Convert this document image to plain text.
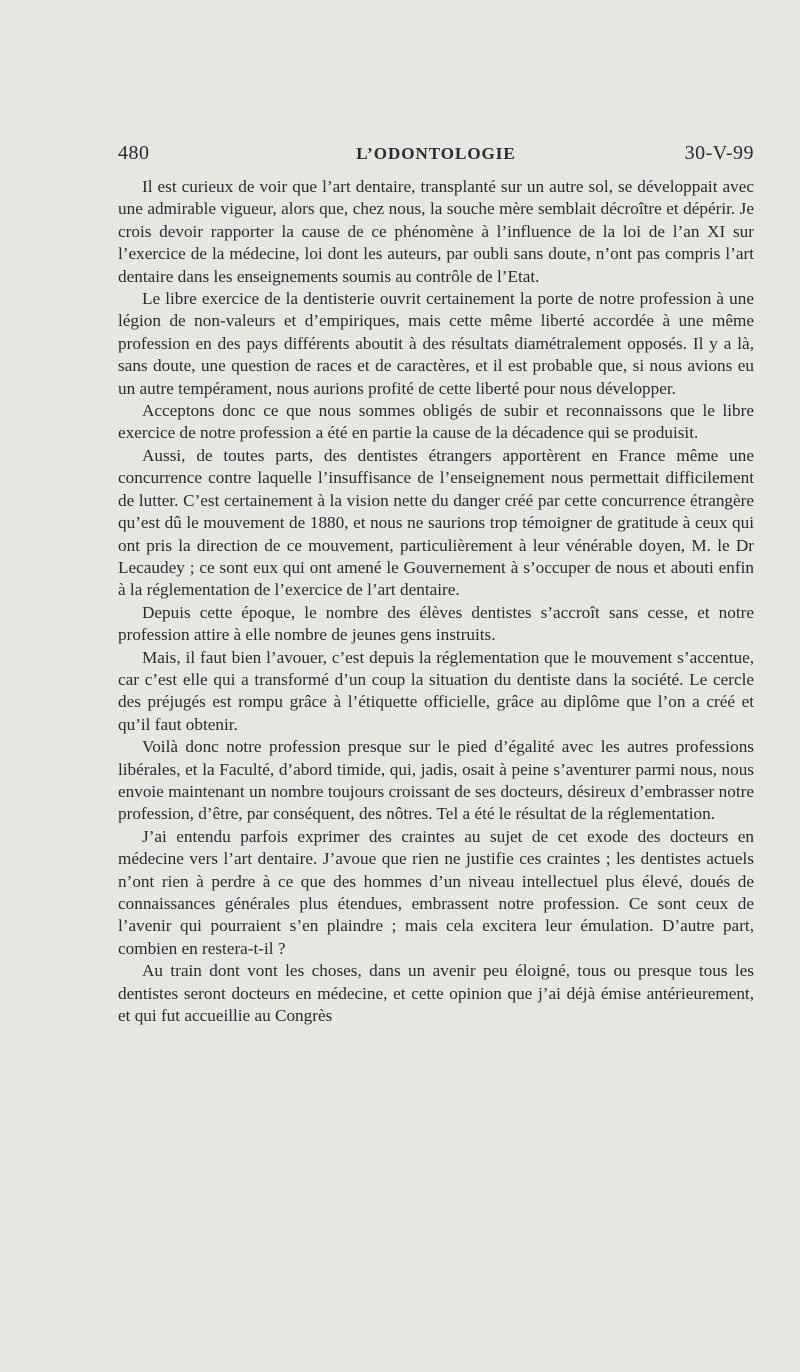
480	L’ODONTOLOGIE	30-V-99

Il est curieux de voir que l’art dentaire, transplanté sur un autre sol, se développait avec une admirable vigueur, alors que, chez nous, la souche mère semblait décroître et dépérir. Je crois devoir rapporter la cause de ce phénomène à l’influence de la loi de l’an XI sur l’exercice de la médecine, loi dont les auteurs, par oubli sans doute, n’ont pas compris l’art dentaire dans les enseignements soumis au contrôle de l’Etat.

Le libre exercice de la dentisterie ouvrit certainement la porte de notre profession à une légion de non-valeurs et d’empiriques, mais cette même liberté accordée à une même profession en des pays différents aboutit à des résultats diamétralement opposés. Il y a là, sans doute, une question de races et de caractères, et il est probable que, si nous avions eu un autre tempérament, nous aurions profité de cette liberté pour nous développer.

Acceptons donc ce que nous sommes obligés de subir et reconnaissons que le libre exercice de notre profession a été en partie la cause de la décadence qui se produisit.

Aussi, de toutes parts, des dentistes étrangers apportèrent en France même une concurrence contre laquelle l’insuffisance de l’enseignement nous permettait difficilement de lutter. C’est certainement à la vision nette du danger créé par cette concurrence étrangère qu’est dû le mouvement de 1880, et nous ne saurions trop témoigner de gratitude à ceux qui ont pris la direction de ce mouvement, particulièrement à leur vénérable doyen, M. le Dr Lecaudey ; ce sont eux qui ont amené le Gouvernement à s’occuper de nous et abouti enfin à la réglementation de l’exercice de l’art dentaire.

Depuis cette époque, le nombre des élèves dentistes s’accroît sans cesse, et notre profession attire à elle nombre de jeunes gens instruits.

Mais, il faut bien l’avouer, c’est depuis la réglementation que le mouvement s’accentue, car c’est elle qui a transformé d’un coup la situation du dentiste dans la société. Le cercle des préjugés est rompu grâce à l’étiquette officielle, grâce au diplôme que l’on a créé et qu’il faut obtenir.

Voilà donc notre profession presque sur le pied d’égalité avec les autres professions libérales, et la Faculté, d’abord timide, qui, jadis, osait à peine s’aventurer parmi nous, nous envoie maintenant un nombre toujours croissant de ses docteurs, désireux d’embrasser notre profession, d’être, par conséquent, des nôtres. Tel a été le résultat de la réglementation.

J’ai entendu parfois exprimer des craintes au sujet de cet exode des docteurs en médecine vers l’art dentaire. J’avoue que rien ne justifie ces craintes ; les dentistes actuels n’ont rien à perdre à ce que des hommes d’un niveau intellectuel plus élevé, doués de connaissances générales plus étendues, embrassent notre profession. Ce sont ceux de l’avenir qui pourraient s’en plaindre ; mais cela excitera leur émulation. D’autre part, combien en restera-t-il ?

Au train dont vont les choses, dans un avenir peu éloigné, tous ou presque tous les dentistes seront docteurs en médecine, et cette opinion que j’ai déjà émise antérieurement, et qui fut accueillie au Congrès
